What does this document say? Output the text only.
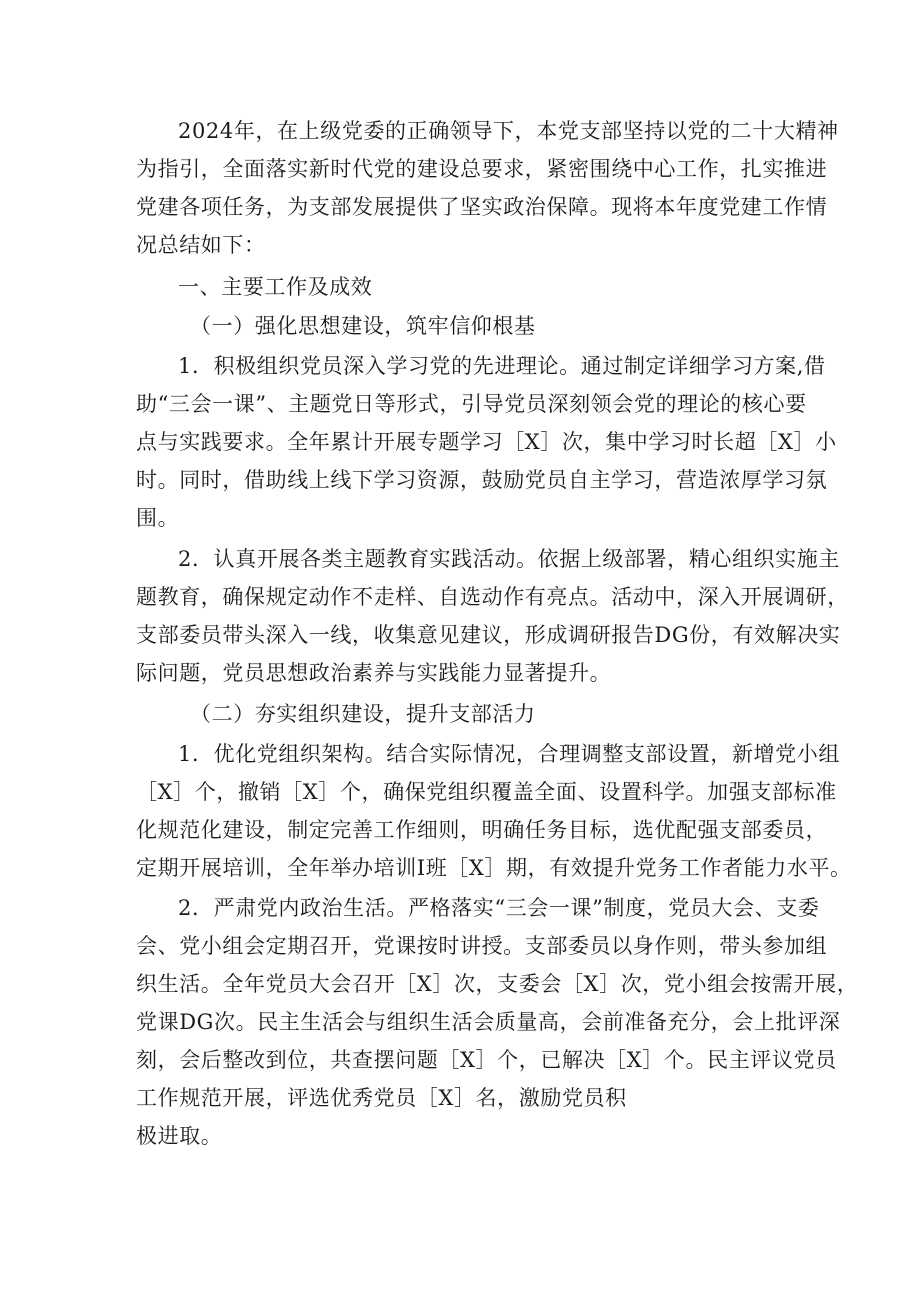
2024年，在上级党委的正确领导下，本党支部坚持以党的二十大精神
为指引，全面落实新时代党的建设总要求，紧密围绕中心工作，扎实推进
党建各项任务，为支部发展提供了坚实政治保障。现将本年度党建工作情
况总结如下：
一、主要工作及成效
（一）强化思想建设，筑牢信仰根基
1．积极组织党员深入学习党的先进理论。通过制定详细学习方案,借
助“三会一课”、主题党日等形式，引导党员深刻领会党的理论的核心要
点与实践要求。全年累计开展专题学习［X］次，集中学习时长超［X］小
时。同时，借助线上线下学习资源，鼓励党员自主学习，营造浓厚学习氛
围。
2．认真开展各类主题教育实践活动。依据上级部署，精心组织实施主
题教育，确保规定动作不走样、自选动作有亮点。活动中，深入开展调研，
支部委员带头深入一线，收集意见建议，形成调研报告DG份，有效解决实
际问题，党员思想政治素养与实践能力显著提升。
（二）夯实组织建设，提升支部活力
1．优化党组织架构。结合实际情况，合理调整支部设置，新增党小组
［X］个，撤销［X］个，确保党组织覆盖全面、设置科学。加强支部标准
化规范化建设，制定完善工作细则，明确任务目标，选优配强支部委员，
定期开展培训，全年举办培训I班［X］期，有效提升党务工作者能力水平。
2．严肃党内政治生活。严格落实“三会一课”制度，党员大会、支委
会、党小组会定期召开，党课按时讲授。支部委员以身作则，带头参加组
织生活。全年党员大会召开［X］次，支委会［X］次，党小组会按需开展，
党课DG次。民主生活会与组织生活会质量高，会前准备充分，会上批评深
刻，会后整改到位，共查摆问题［X］个，已解决［X］个。民主评议党员
工作规范开展，评选优秀党员［X］名，激励党员积
极进取。
